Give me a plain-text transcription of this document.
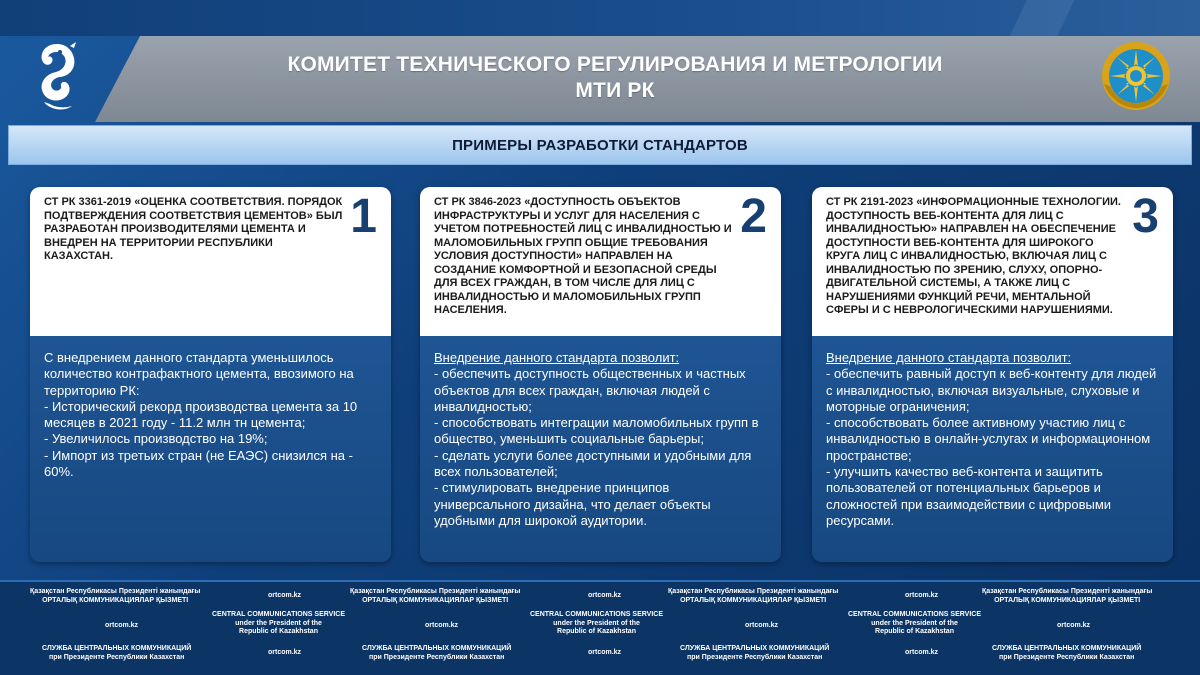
КОМИТЕТ ТЕХНИЧЕСКОГО РЕГУЛИРОВАНИЯ И МЕТРОЛОГИИ
МТИ РК
ПРИМЕРЫ РАЗРАБОТКИ СТАНДАРТОВ
СТ РК 3361-2019 «ОЦЕНКА СООТВЕТСТВИЯ. ПОРЯДОК ПОДТВЕРЖДЕНИЯ СООТВЕТСТВИЯ ЦЕМЕНТОВ» БЫЛ РАЗРАБОТАН ПРОИЗВОДИТЕЛЯМИ ЦЕМЕНТА И ВНЕДРЕН НА ТЕРРИТОРИИ РЕСПУБЛИКИ КАЗАХСТАН.
1

С внедрением данного стандарта уменьшилось количество контрафактного цемента, ввозимого на территорию РК:

- Исторический рекорд производства цемента за 10 месяцев в 2021 году - 11.2 млн тн цемента;

- Увеличилось производство на 19%;

- Импорт из третьих стран (не ЕАЭС) снизился на - 60%.

СТ РК 3846-2023 «ДОСТУПНОСТЬ ОБЪЕКТОВ ИНФРАСТРУКТУРЫ И УСЛУГ ДЛЯ НАСЕЛЕНИЯ С УЧЕТОМ ПОТРЕБНОСТЕЙ ЛИЦ С ИНВАЛИДНОСТЬЮ И МАЛОМОБИЛЬНЫХ ГРУПП ОБЩИЕ ТРЕБОВАНИЯ УСЛОВИЯ ДОСТУПНОСТИ» НАПРАВЛЕН НА СОЗДАНИЕ КОМФОРТНОЙ И БЕЗОПАСНОЙ СРЕДЫ ДЛЯ ВСЕХ ГРАЖДАН, В ТОМ ЧИСЛЕ ДЛЯ ЛИЦ С ИНВАЛИДНОСТЬЮ И МАЛОМОБИЛЬНЫХ ГРУПП НАСЕЛЕНИЯ.
2

Внедрение данного стандарта позволит:

- обеспечить доступность общественных и частных объектов для всех граждан, включая людей с инвалидностью;

- способствовать интеграции маломобильных групп в общество, уменьшить социальные барьеры;

- сделать услуги более доступными и удобными для всех пользователей;

- стимулировать внедрение принципов универсального дизайна, что делает объекты удобными для широкой аудитории.

СТ РК 2191-2023 «ИНФОРМАЦИОННЫЕ ТЕХНОЛОГИИ. ДОСТУПНОСТЬ ВЕБ-КОНТЕНТА ДЛЯ ЛИЦ С ИНВАЛИДНОСТЬЮ» НАПРАВЛЕН НА ОБЕСПЕЧЕНИЕ ДОСТУПНОСТИ ВЕБ-КОНТЕНТА ДЛЯ ШИРОКОГО КРУГА ЛИЦ С ИНВАЛИДНОСТЬЮ, ВКЛЮЧАЯ ЛИЦ С ИНВАЛИДНОСТЬЮ ПО ЗРЕНИЮ, СЛУХУ, ОПОРНО-ДВИГАТЕЛЬНОЙ СИСТЕМЫ, А ТАКЖЕ ЛИЦ С НАРУШЕНИЯМИ ФУНКЦИЙ РЕЧИ, МЕНТАЛЬНОЙ СФЕРЫ И С НЕВРОЛОГИЧЕСКИМИ НАРУШЕНИЯМИ.
3

Внедрение данного стандарта позволит:

- обеспечить равный доступ к веб-контенту для людей с инвалидностью, включая визуальные, слуховые и моторные ограничения;

- способствовать более активному участию лиц с инвалидностью в онлайн-услугах и информационном пространстве;

- улучшить качество веб-контента и защитить пользователей от потенциальных барьеров и сложностей при взаимодействии с цифровыми ресурсами.

Қазақстан Республикасы Президенті жанындағы
ОРТАЛЫҚ КОММУНИКАЦИЯЛАР ҚЫЗМЕТІ
ortcom.kz
Қазақстан Республикасы Президенті жанындағы
ОРТАЛЫҚ КОММУНИКАЦИЯЛАР ҚЫЗМЕТІ
ortcom.kz
Қазақстан Республикасы Президенті жанындағы
ОРТАЛЫҚ КОММУНИКАЦИЯЛАР ҚЫЗМЕТІ
ortcom.kz
Қазақстан Республикасы Президенті жанындағы
ОРТАЛЫҚ КОММУНИКАЦИЯЛАР ҚЫЗМЕТІ
ortcom.kz
CENTRAL COMMUNICATIONS SERVICE
under the President of the
Republic of Kazakhstan
ortcom.kz
CENTRAL COMMUNICATIONS SERVICE
under the President of the
Republic of Kazakhstan
ortcom.kz
CENTRAL COMMUNICATIONS SERVICE
under the President of the
Republic of Kazakhstan
ortcom.kz
СЛУЖБА ЦЕНТРАЛЬНЫХ КОММУНИКАЦИЙ
при Президенте Республики Казахстан
ortcom.kz
СЛУЖБА ЦЕНТРАЛЬНЫХ КОММУНИКАЦИЙ
при Президенте Республики Казахстан
ortcom.kz
СЛУЖБА ЦЕНТРАЛЬНЫХ КОММУНИКАЦИЙ
при Президенте Республики Казахстан
ortcom.kz
СЛУЖБА ЦЕНТРАЛЬНЫХ КОММУНИКАЦИЙ
при Президенте Республики Казахстан
